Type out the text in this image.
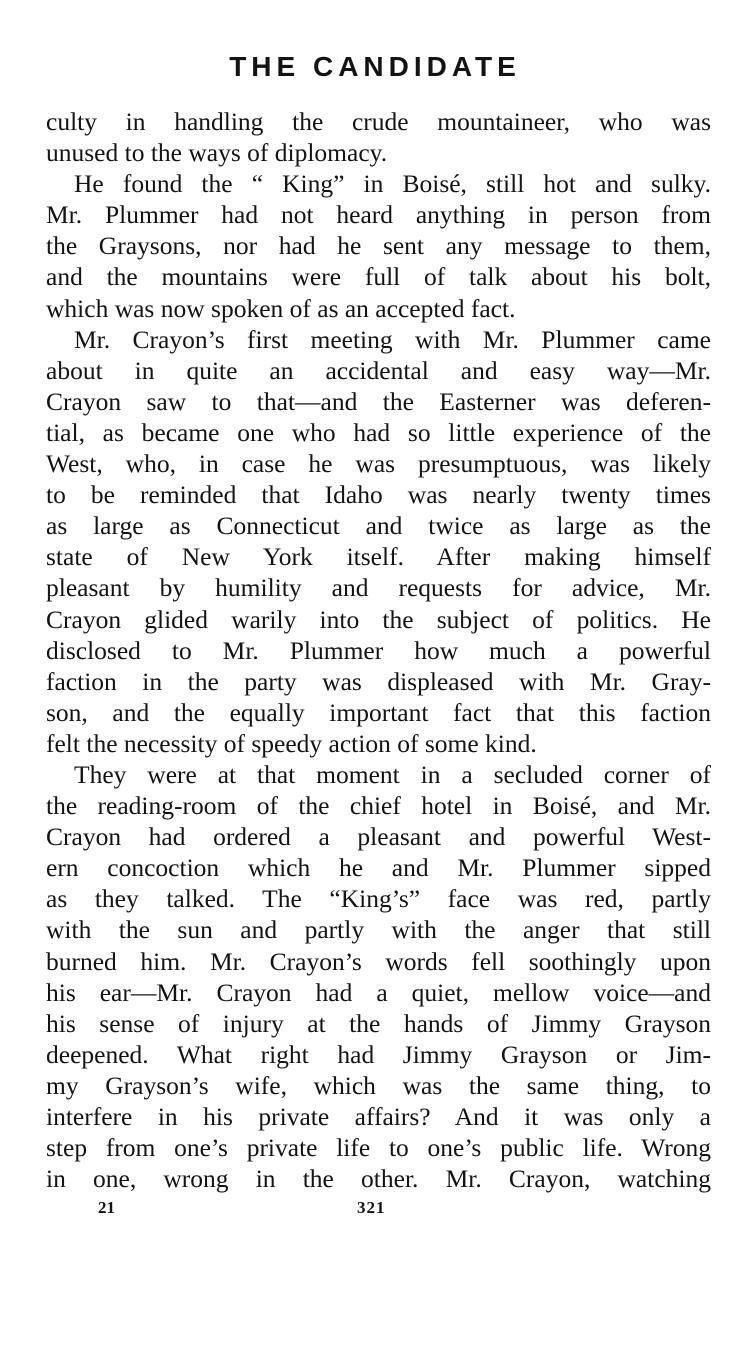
THE CANDIDATE
culty in handling the crude mountaineer, who was
unused to the ways of diplomacy.
He found the “ King” in Boisé, still hot and sulky.
Mr. Plummer had not heard anything in person from
the Graysons, nor had he sent any message to them,
and the mountains were full of talk about his bolt,
which was now spoken of as an accepted fact.
Mr. Crayon’s first meeting with Mr. Plummer came
about in quite an accidental and easy way—Mr.
Crayon saw to that—and the Easterner was deferen-
tial, as became one who had so little experience of the
West, who, in case he was presumptuous, was likely
to be reminded that Idaho was nearly twenty times
as large as Connecticut and twice as large as the
state of New York itself. After making himself
pleasant by humility and requests for advice, Mr.
Crayon glided warily into the subject of politics. He
disclosed to Mr. Plummer how much a powerful
faction in the party was displeased with Mr. Gray-
son, and the equally important fact that this faction
felt the necessity of speedy action of some kind.
They were at that moment in a secluded corner of
the reading-room of the chief hotel in Boisé, and Mr.
Crayon had ordered a pleasant and powerful West-
ern concoction which he and Mr. Plummer sipped
as they talked. The “King’s” face was red, partly
with the sun and partly with the anger that still
burned him. Mr. Crayon’s words fell soothingly upon
his ear—Mr. Crayon had a quiet, mellow voice—and
his sense of injury at the hands of Jimmy Grayson
deepened. What right had Jimmy Grayson or Jim-
my Grayson’s wife, which was the same thing, to
interfere in his private affairs? And it was only a
step from one’s private life to one’s public life. Wrong
in one, wrong in the other. Mr. Crayon, watching
21	321
